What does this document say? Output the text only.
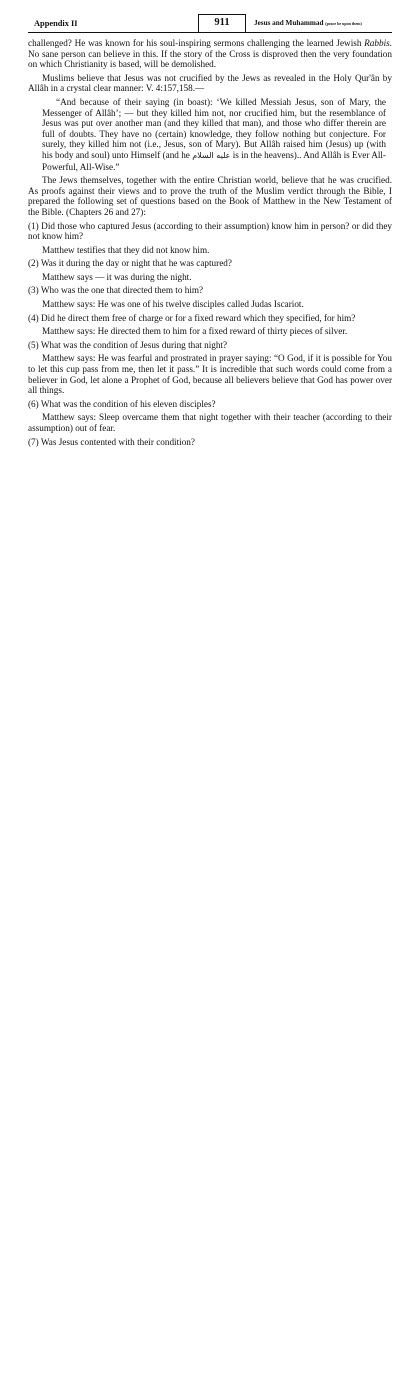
Appendix II	911	Jesus and Muhammad (peace be upon them)

challenged? He was known for his soul-inspiring sermons challenging the learned Jewish Rabbis. No sane person can believe in this. If the story of the Cross is disproved then the very foundation on which Christianity is based, will be demolished.

Muslims believe that Jesus was not crucified by the Jews as revealed in the Holy Qur'ân by Allâh in a crystal clear manner: V. 4:157,158.—

“And because of their saying (in boast): ‘We killed Messiah Jesus, son of Mary, the Messenger of Allâh’; — but they killed him not, nor crucified him, but the resemblance of Jesus was put over another man (and they killed that man), and those who differ therein are full of doubts. They have no (certain) knowledge, they follow nothing but conjecture. For surely, they killed him not (i.e., Jesus, son of Mary). But Allâh raised him (Jesus) up (with his body and soul) unto Himself (and he عليه السلام is in the heavens).. And Allâh is Ever All-Powerful, All-Wise.”

The Jews themselves, together with the entire Christian world, believe that he was crucified. As proofs against their views and to prove the truth of the Muslim verdict through the Bible, I prepared the following set of questions based on the Book of Matthew in the New Testament of the Bible. (Chapters 26 and 27):

(1) Did those who captured Jesus (according to their assumption) know him in person? or did they not know him?

Matthew testifies that they did not know him.

(2) Was it during the day or night that he was captured?

Matthew says — it was during the night.

(3) Who was the one that directed them to him?

Matthew says: He was one of his twelve disciples called Judas Iscariot.

(4) Did he direct them free of charge or for a fixed reward which they specified, for him?

Matthew says: He directed them to him for a fixed reward of thirty pieces of silver.

(5) What was the condition of Jesus during that night?

Matthew says: He was fearful and prostrated in prayer saying: “O God, if it is possible for You to let this cup pass from me, then let it pass.” It is incredible that such words could come from a believer in God, let alone a Prophet of God, because all believers believe that God has power over all things.

(6) What was the condition of his eleven disciples?

Matthew says: Sleep overcame them that night together with their teacher (according to their assumption) out of fear.

(7) Was Jesus contented with their condition?
